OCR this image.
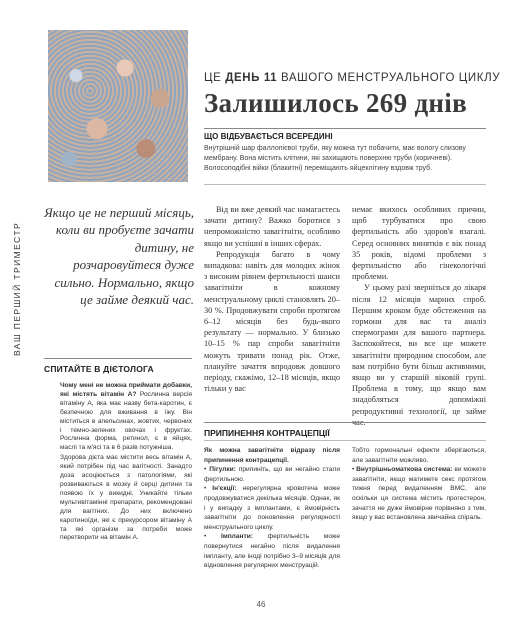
ВАШ ПЕРШИЙ ТРИМЕСТР
ЦЕ ДЕНЬ 11 ВАШОГО МЕНСТРУАЛЬНОГО ЦИКЛУ
Залишилось 269 днів
ЩО ВІДБУВАЄТЬСЯ ВСЕРЕДИНІ
Внутрішній шар фаллопієвої труби, яку можна тут побачити, має вологу слизову мембрану. Вона містить клітини, які захищають поверхню труби (коричневі). Волосоподібні війки (блакитні) переміщають яйцеклітину вздовж труб.
Якщо це не перший місяць, коли ви пробуєте зачати дитину, не розчаровуйтеся дуже сильно. Нормально, якщо це займе деякий час.
СПИТАЙТЕ В ДІЄТОЛОГА

Чому мені не можна приймати добавки, які містять вітамін А? Рослинна версія вітаміну А, яка має назву бета-каротин, є безпечною для вживання в їжу. Він міститься в апельсинах, жовтих, червоних і темно-зелених овочах і фруктах. Рослинна форма, ретинол, є в яйцях, маслі та м'ясі та в 6 разів потужніша.

Здорова дієта має містити весь вітамін А, який потрібен під час вагітності. Занадто доза асоціюється з патологіями, які розвиваються в мозку й серці дитини та появою їх у викидні. Уникайте тільки мультивітамінні препарати, рекомендовані для вагітних. До них включено каротиноїди, які є прекурсором вітаміну А та які організм за потреби може перетворити на вітамін А.

Від ви вже деякий час намагаєтесь зачати дитину? Важко боротися з непрoможністю завагітніти, особливо якщо ви успішні в інших сферах.

Репродукція багато в чому випадкова: навіть для молодих жінок з високим рівнем фертильності шанси завагітніти в кожному менструальному циклі становлять 20–30 %. Продовжувати спроби протягом 6–12 місяців без будь-якого результату — нормально. У близько 10–15 % пар спроби завагітніти можуть тривати понад рік. Отже, плануйте зачаття впродовж довшого періоду, скажімо, 12–18 місяців, якщо тільки у вас

немає якихось особливих причин, щоб турбуватися про свою фертильність або здоров'я взагалі. Серед основних винятків є вік понад 35 років, відомі проблеми з фертильністю або гінекологічні проблеми.

У цьому разі зверніться до лікаря після 12 місяців марних спроб. Першим кроком буде обстеження на гормони для вас та аналіз спермограми для вашого партнера. Заспокойтеся, ви все ще можете завагітніти природним способом, але вам потрібно бути більш активними, якщо ви у старшій віковій групі. Проблема в тому, що якщо вам знадобляться допоміжні репродуктивні технології, це займе

ПРИПИНЕННЯ КОНТРАЦЕПЦІЇ
Як можна завагітніти відразу після припинення контрацепції.
• Пігулки: припиніть, що ви негайно стали фертильною.
• Ін'єкції: нерегулярна кровотеча може продовжуватися декілька місяців. Однак, як і у випадку з імплантами, є ймовірність завагітніти до поновлення регулярності менструального циклу.
• Імпланти: фертильність може повернутися негайно після видалення імпланту, але іноді потрібно 3–9 місяців для відновлення регулярних менструацій.
Тобто гормональні ефекти зберігаються, але завагітніти можливо.
• Внутрішньоматкова система: ви можете завагітніти, якщо матимете секс протягом тижня перед видаленням ВМС, але оскільки ця система містить прогестерон, зачаття не дуже ймовірне порівняно з тим, якщо у вас встановлена звичайна спіраль.
46
